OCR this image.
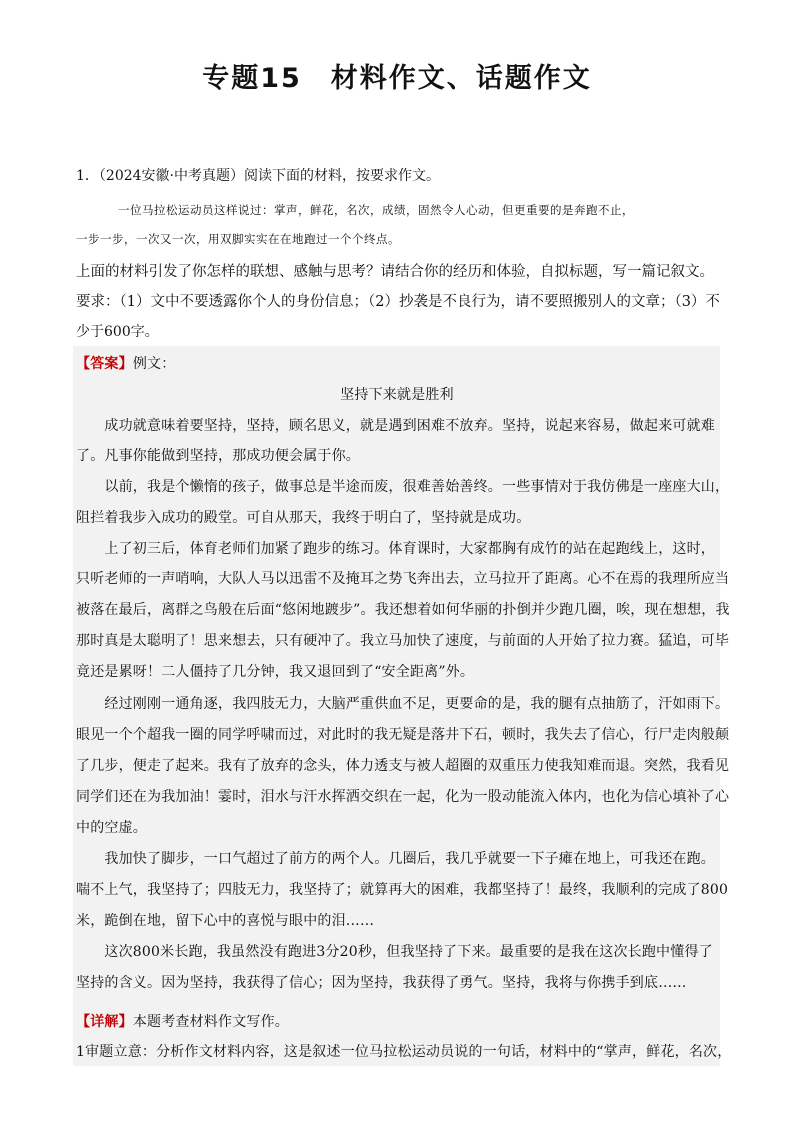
专题15　材料作文、话题作文
1．（2024安徽·中考真题）阅读下面的材料，按要求作文。
一位马拉松运动员这样说过：掌声，鲜花，名次，成绩，固然令人心动，但更重要的是奔跑不止，
一步一步，一次又一次，用双脚实实在在地跑过一个个终点。
上面的材料引发了你怎样的联想、感触与思考？请结合你的经历和体验，自拟标题，写一篇记叙文。
要求：（1）文中不要透露你个人的身份信息；（2）抄袭是不良行为，请不要照搬别人的文章；（3）不
少于600字。
【答案】例文：
坚持下来就是胜利
　　成功就意味着要坚持，坚持，顾名思义，就是遇到困难不放弃。坚持，说起来容易，做起来可就难
了。凡事你能做到坚持，那成功便会属于你。
　　以前，我是个懒惰的孩子，做事总是半途而废，很难善始善终。一些事情对于我仿佛是一座座大山，
阻拦着我步入成功的殿堂。可自从那天，我终于明白了，坚持就是成功。
　　上了初三后，体育老师们加紧了跑步的练习。体育课时，大家都胸有成竹的站在起跑线上，这时，
只听老师的一声哨响，大队人马以迅雷不及掩耳之势飞奔出去，立马拉开了距离。心不在焉的我理所应当
被落在最后，离群之鸟般在后面“悠闲地踱步”。我还想着如何华丽的扑倒并少跑几圈，唉，现在想想，我
那时真是太聪明了！思来想去，只有硬冲了。我立马加快了速度，与前面的人开始了拉力赛。猛追，可毕
竟还是累呀！二人僵持了几分钟，我又退回到了“安全距离”外。
　　经过刚刚一通角逐，我四肢无力，大脑严重供血不足，更要命的是，我的腿有点抽筋了，汗如雨下。
眼见一个个超我一圈的同学呼啸而过，对此时的我无疑是落井下石，顿时，我失去了信心，行尸走肉般颠
了几步，便走了起来。我有了放弃的念头，体力透支与被人超圈的双重压力使我知难而退。突然，我看见
同学们还在为我加油！霎时，泪水与汗水挥洒交织在一起，化为一股动能流入体内，也化为信心填补了心
中的空虚。
　　我加快了脚步，一口气超过了前方的两个人。几圈后，我几乎就要一下子瘫在地上，可我还在跑。
喘不上气，我坚持了；四肢无力，我坚持了；就算再大的困难，我都坚持了！最终，我顺利的完成了800
米，跪倒在地，留下心中的喜悦与眼中的泪……
　　这次800米长跑，我虽然没有跑进3分20秒，但我坚持了下来。最重要的是我在这次长跑中懂得了
坚持的含义。因为坚持，我获得了信心；因为坚持，我获得了勇气。坚持，我将与你携手到底……
【详解】本题考查材料作文写作。
1审题立意：分析作文材料内容，这是叙述一位马拉松运动员说的一句话，材料中的“掌声，鲜花，名次，
